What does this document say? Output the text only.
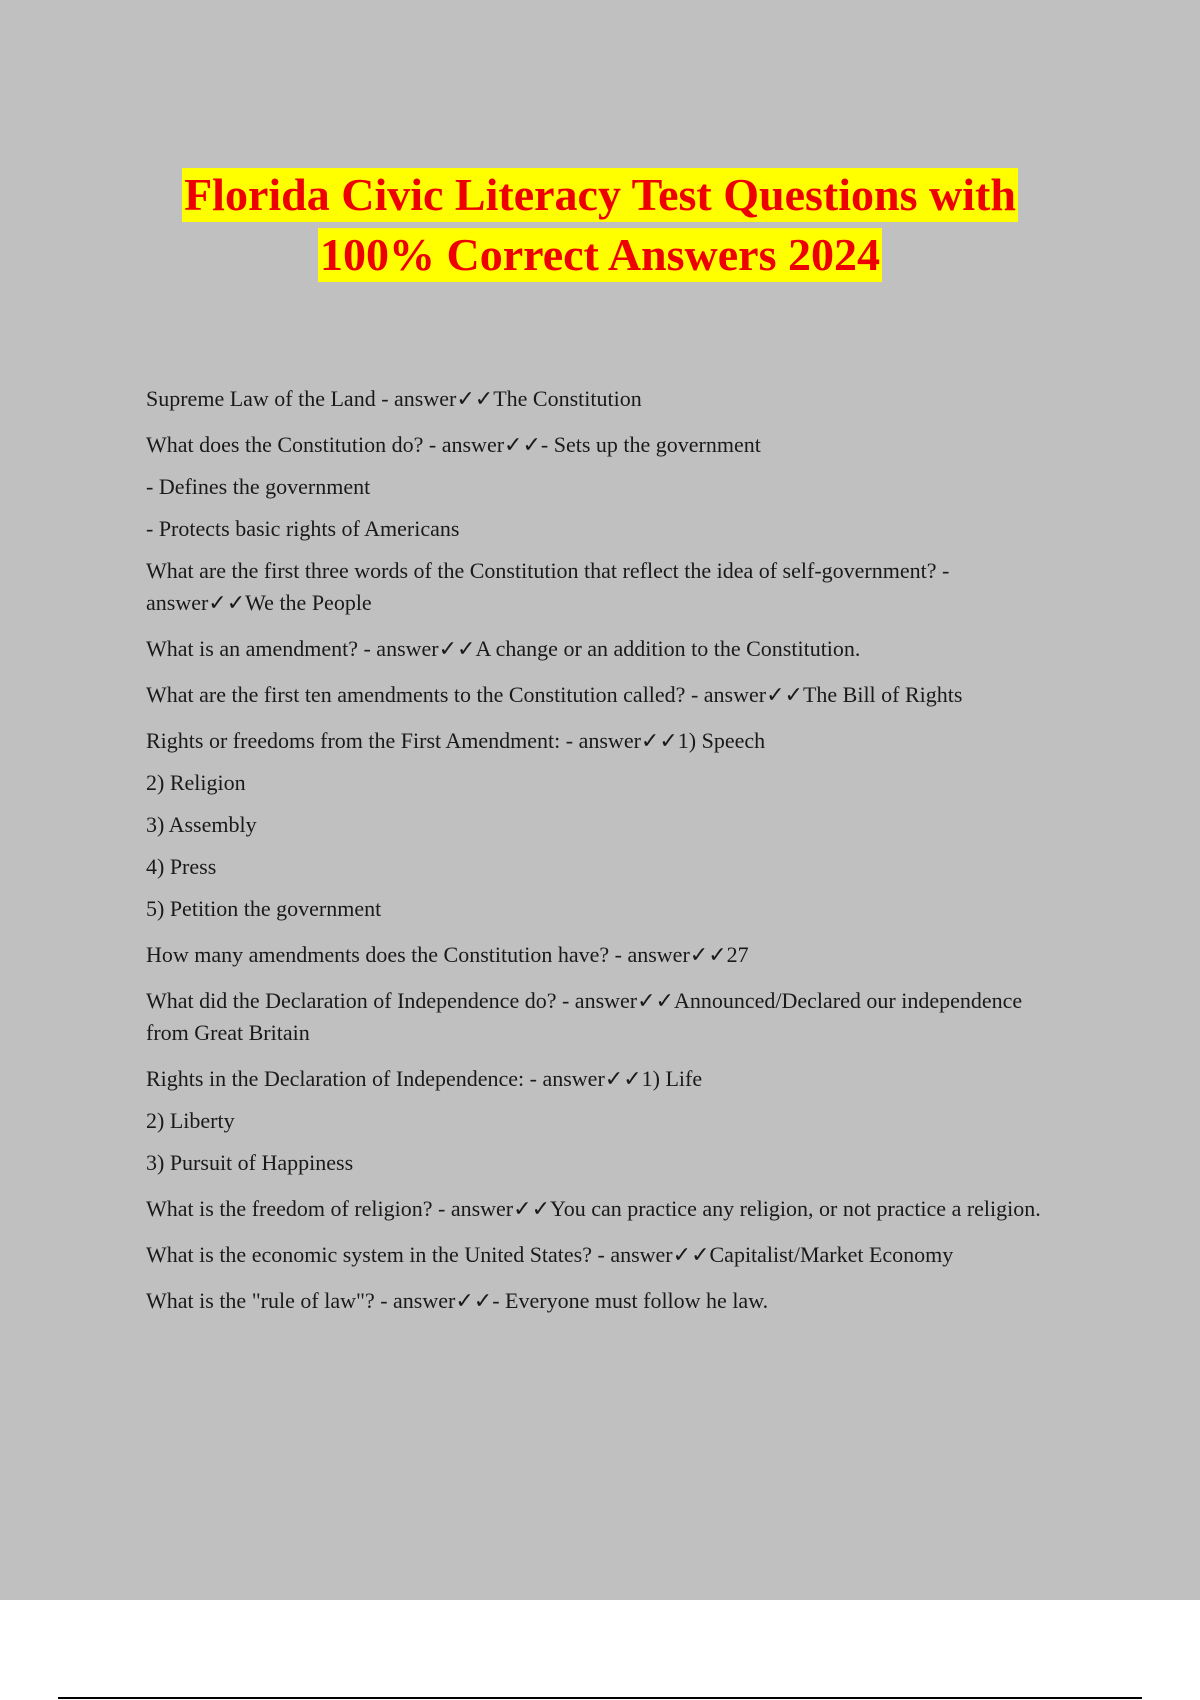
Florida Civic Literacy Test Questions with
100% Correct Answers 2024

Supreme Law of the Land - answer✓✓The Constitution

What does the Constitution do? - answer✓✓- Sets up the government

- Defines the government

- Protects basic rights of Americans

What are the first three words of the Constitution that reflect the idea of self-government? - answer✓✓We the People

What is an amendment? - answer✓✓A change or an addition to the Constitution.

What are the first ten amendments to the Constitution called? - answer✓✓The Bill of Rights

Rights or freedoms from the First Amendment: - answer✓✓1) Speech

2) Religion

3) Assembly

4) Press

5) Petition the government

How many amendments does the Constitution have? - answer✓✓27

What did the Declaration of Independence do? - answer✓✓Announced/Declared our independence from Great Britain

Rights in the Declaration of Independence: - answer✓✓1) Life

2) Liberty

3) Pursuit of Happiness

What is the freedom of religion? - answer✓✓You can practice any religion, or not practice a religion.

What is the economic system in the United States? - answer✓✓Capitalist/Market Economy

What is the "rule of law"? - answer✓✓- Everyone must follow he law.
